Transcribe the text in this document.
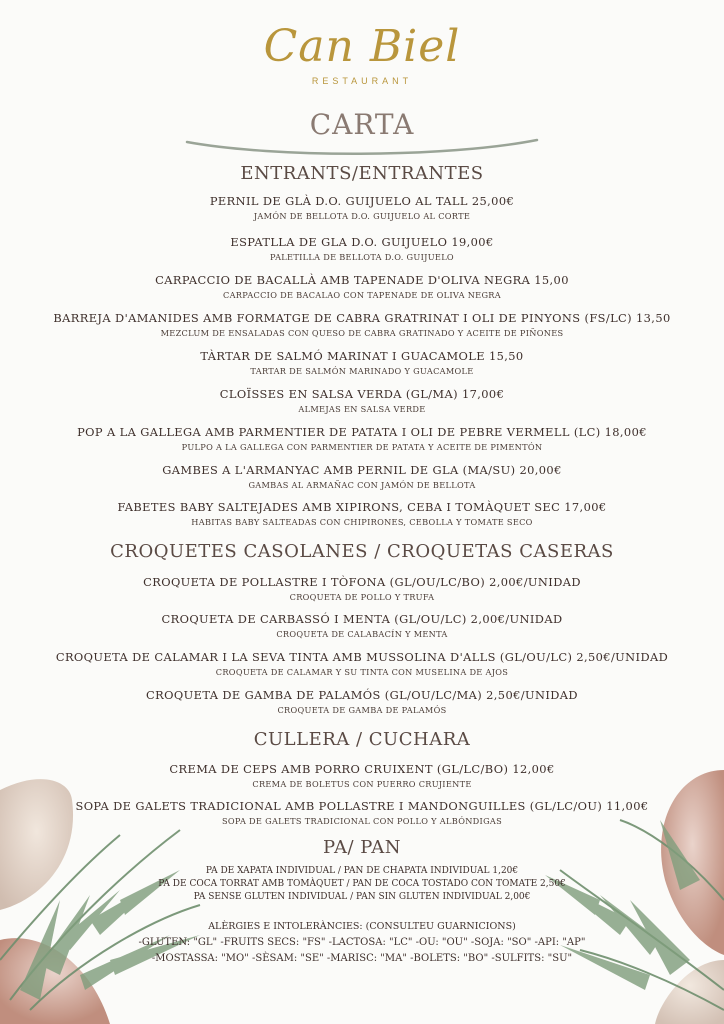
Can Biel
RESTAURANT
CARTA
ENTRANTS/ENTRANTES
PERNIL DE GLÀ D.O. GUIJUELO AL TALL 25,00€
JAMÓN DE BELLOTA D.O. GUIJUELO AL CORTE
ESPATLLA DE GLA D.O. GUIJUELO 19,00€
PALETILLA DE BELLOTA D.O. GUIJUELO
CARPACCIO DE BACALLÀ AMB TAPENADE D'OLIVA NEGRA 15,00
CARPACCIO DE BACALAO CON TAPENADE DE OLIVA NEGRA
BARREJA D'AMANIDES AMB FORMATGE DE CABRA GRATRINAT I OLI DE PINYONS (FS/LC) 13,50
MEZCLUM DE ENSALADAS CON QUESO DE CABRA GRATINADO Y ACEITE DE PIÑONES
TÀRTAR DE SALMÓ MARINAT I GUACAMOLE 15,50
TARTAR DE SALMÓN MARINADO Y GUACAMOLE
CLOÏSSES EN SALSA VERDA (GL/MA) 17,00€
ALMEJAS EN SALSA VERDE
POP A LA GALLEGA AMB PARMENTIER DE PATATA I OLI DE PEBRE VERMELL (LC) 18,00€
PULPO A LA GALLEGA CON PARMENTIER DE PATATA Y ACEITE DE PIMENTÓN
GAMBES A L'ARMANYAC AMB PERNIL DE GLA (MA/SU) 20,00€
GAMBAS AL ARMAÑAC CON JAMÓN DE BELLOTA
FABETES BABY SALTEJADES AMB XIPIRONS, CEBA I TOMÀQUET SEC 17,00€
HABITAS BABY SALTEADAS CON CHIPIRONES, CEBOLLA Y TOMATE SECO
CROQUETES CASOLANES / CROQUETAS CASERAS
CROQUETA DE POLLASTRE I TÒFONA (GL/OU/LC/BO) 2,00€/UNIDAD
CROQUETA DE POLLO Y TRUFA
CROQUETA DE CARBASSÓ I MENTA (GL/OU/LC) 2,00€/UNIDAD
CROQUETA DE CALABACÍN Y MENTA
CROQUETA DE CALAMAR I LA SEVA TINTA AMB MUSSOLINA D'ALLS (GL/OU/LC) 2,50€/UNIDAD
CROQUETA DE CALAMAR Y SU TINTA CON MUSELINA DE AJOS
CROQUETA DE GAMBA DE PALAMÓS (GL/OU/LC/MA) 2,50€/UNIDAD
CROQUETA DE GAMBA DE PALAMÓS
CULLERA / CUCHARA
CREMA DE CEPS AMB PORRO CRUIXENT (GL/LC/BO) 12,00€
CREMA DE BOLETUS CON PUERRO CRUJIENTE
SOPA DE GALETS TRADICIONAL AMB POLLASTRE I MANDONGUILLES (GL/LC/OU) 11,00€
SOPA DE GALETS TRADICIONAL CON POLLO Y ALBÓNDIGAS
PA/ PAN
PA DE XAPATA INDIVIDUAL / PAN DE CHAPATA INDIVIDUAL 1,20€
PA DE COCA TORRAT AMB TOMÀQUET / PAN DE COCA TOSTADO CON TOMATE 2,50€
PA SENSE GLUTEN INDIVIDUAL / PAN SIN GLUTEN INDIVIDUAL 2,00€
ALÈRGIES E INTOLERÀNCIES: (CONSULTEU GUARNICIONS)
-GLUTEN: "GL" -FRUITS SECS: "FS" -LACTOSA: "LC" -OU: "OU" -SOJA: "SO" -API: "AP"
-MOSTASSA: "MO" -SÈSAM: "SE" -MARISC: "MA" -BOLETS: "BO" -SULFITS: "SU"
